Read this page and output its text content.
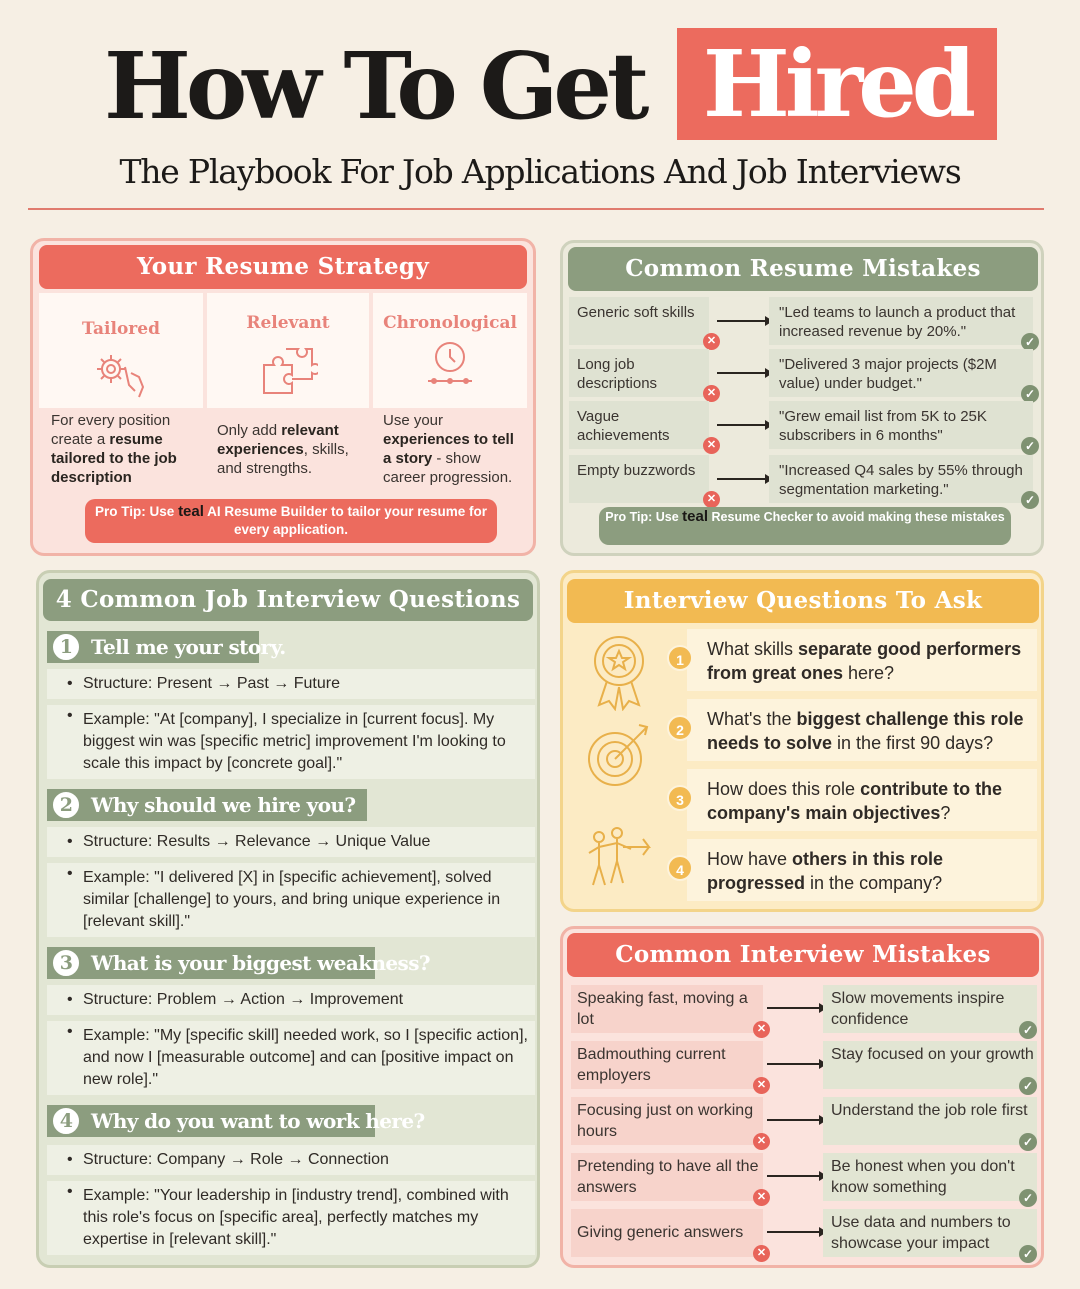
How To Get Hired
The Playbook For Job Applications And Job Interviews
Your Resume Strategy
Tailored
For every position create a resume tailored to the job description
Relevant
Only add relevant experiences, skills, and strengths.
Chronological
Use your experiences to tell a story - show career progression.
Pro Tip: Use teal AI Resume Builder to tailor your resume for every application.
Common Resume Mistakes
Generic soft skills
✕
"Led teams to launch a product that increased revenue by 20%."
✓
Long job descriptions
✕
"Delivered 3 major projects ($2M value) under budget."
✓
Vague achievements
✕
"Grew email list from 5K to 25K subscribers in 6 months"
✓
Empty buzzwords
✕
"Increased Q4 sales by 55% through segmentation marketing."
✓
Pro Tip: Use teal Resume Checker to avoid making these mistakes
4 Common Job Interview Questions
1 Tell me your story.
• Structure: Present → Past → Future
• Example: "At [company], I specialize in [current focus]. My biggest win was [specific metric] improvement I'm looking to scale this impact by [concrete goal]."
2 Why should we hire you?
• Structure: Results → Relevance → Unique Value
• Example: "I delivered [X] in [specific achievement], solved similar [challenge] to yours, and bring unique experience in [relevant skill]."
3 What is your biggest weakness?
• Structure: Problem → Action → Improvement
• Example: "My [specific skill] needed work, so I [specific action], and now I [measurable outcome] and can [positive impact on new role]."
4 Why do you want to work here?
• Structure: Company → Role → Connection
• Example: "Your leadership in [industry trend], combined with this role's focus on [specific area], perfectly matches my expertise in [relevant skill]."
Interview Questions To Ask
What skills separate good performers from great ones here?
1
What's the biggest challenge this role needs to solve in the first 90 days?
2
How does this role contribute to the company's main objectives?
3
How have others in this role progressed in the company?
4
Common Interview Mistakes
Speaking fast, moving a lot
✕
Slow movements inspire confidence
✓
Badmouthing current employers
✕
Stay focused on your growth
✓
Focusing just on working hours
✕
Understand the job role first
✓
Pretending to have all the answers
✕
Be honest when you don't know something
✓
Giving generic answers
✕
Use data and numbers to showcase your impact
✓
